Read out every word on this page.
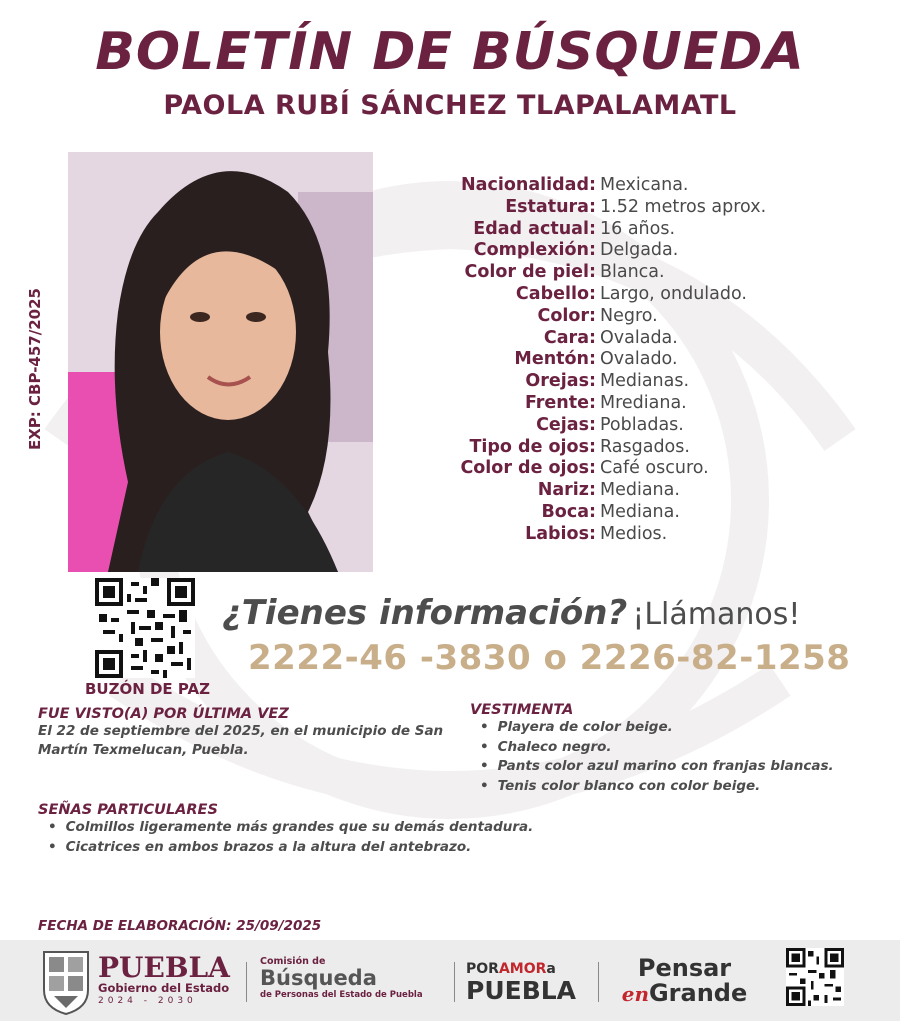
BOLETÍN DE BÚSQUEDA
PAOLA RUBÍ SÁNCHEZ TLAPALAMATL
EXP: CBP-457/2025
Nacionalidad: Mexicana.
Estatura: 1.52 metros aprox.
Edad actual: 16 años.
Complexión: Delgada.
Color de piel: Blanca.
Cabello: Largo, ondulado.
Color: Negro.
Cara: Ovalada.
Mentón: Ovalado.
Orejas: Medianas.
Frente: Mrediana.
Cejas: Pobladas.
Tipo de ojos: Rasgados.
Color de ojos: Café oscuro.
Nariz: Mediana.
Boca: Mediana.
Labios: Medios.
BUZÓN DE PAZ
¿Tienes información? ¡Llámanos!
2222-46 -3830 o 2226-82-1258
FUE VISTO(A) POR ÚLTIMA VEZ
El 22 de septiembre del 2025, en el municipio de San Martín Texmelucan, Puebla.
VESTIMENTA
• Playera de color beige.
• Chaleco negro.
• Pants color azul marino con franjas blancas.
• Tenis color blanco con color beige.
SEÑAS PARTICULARES
• Colmillos ligeramente más grandes que su demás dentadura.
• Cicatrices en ambos brazos a la altura del antebrazo.
FECHA DE ELABORACIÓN: 25/09/2025
PUEBLA
Gobierno del Estado
2024 - 2030
Comisión de
Búsqueda
de Personas del Estado de Puebla
PORAMORa
PUEBLA
Pensar
enGrande
